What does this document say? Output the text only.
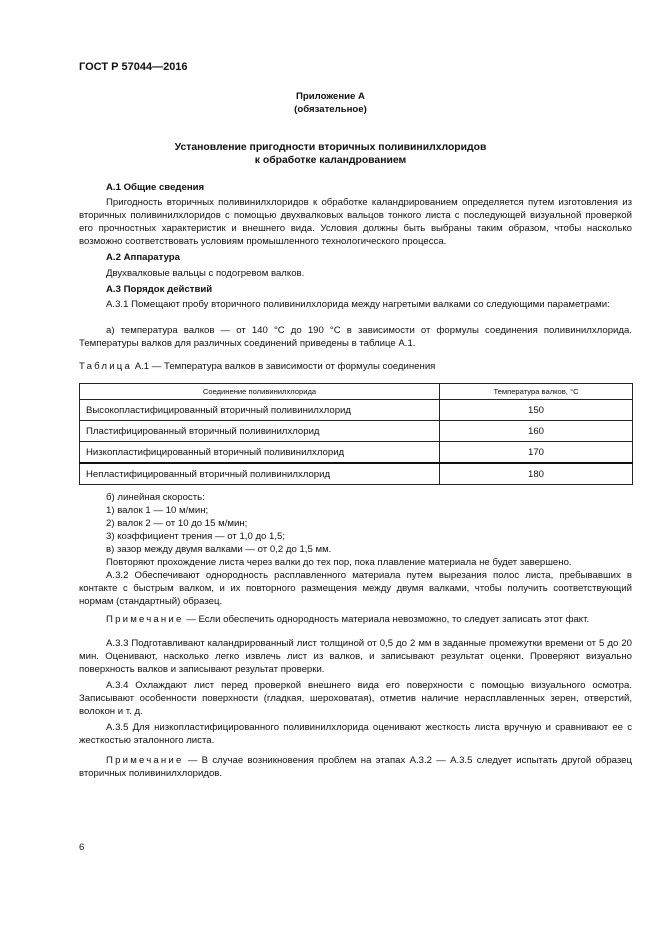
ГОСТ Р 57044—2016
Приложение А
(обязательное)
Установление пригодности вторичных поливинилхлоридов
к обработке каландрованием
А.1 Общие сведения
Пригодность вторичных поливинилхлоридов к обработке каландрированием определяется путем изготовления из вторичных поливинилхлоридов с помощью двухвалковых вальцов тонкого листа с последующей визуальной проверкой его прочностных характеристик и внешнего вида. Условия должны быть выбраны таким образом, чтобы насколько возможно соответствовать условиям промышленного технологического процесса.
А.2 Аппаратура
Двухвалковые вальцы с подогревом валков.
А.3 Порядок действий
А.3.1 Помещают пробу вторичного поливинилхлорида между нагретыми валками со следующими параметрами:
а) температура валков — от 140 °С до 190 °С в зависимости от формулы соединения поливинилхлорида. Температуры валков для различных соединений приведены в таблице А.1.
Таблица А.1 — Температура валков в зависимости от формулы соединения
Соединение поливинилхлорида	Температура валков, °С
Высокопластифицированный вторичный поливинилхлорид	150
Пластифицированный вторичный поливинилхлорид	160
Низкопластифицированный вторичный поливинилхлорид	170
Непластифицированный вторичный поливинилхлорид	180
б) линейная скорость:
1) валок 1 — 10 м/мин;
2) валок 2 — от 10 до 15 м/мин;
3) коэффициент трения — от 1,0 до 1,5;
в) зазор между двумя валками — от 0,2 до 1,5 мм.
Повторяют прохождение листа через валки до тех пор, пока плавление материала не будет завершено.
А.3.2 Обеспечивают однородность расплавленного материала путем вырезания полос листа, пребывавших в контакте с быстрым валком, и их повторного размещения между двумя валками, чтобы получить соответствующий нормам (стандартный) образец.
Примечание — Если обеспечить однородность материала невозможно, то следует записать этот факт.
А.3.3 Подготавливают каландрированный лист толщиной от 0,5 до 2 мм в заданные промежутки времени от 5 до 20 мин. Оценивают, насколько легко извлечь лист из валков, и записывают результат оценки. Проверяют визуально поверхность валков и записывают результат проверки.
А.3.4 Охлаждают лист перед проверкой внешнего вида его поверхности с помощью визуального осмотра. Записывают особенности поверхности (гладкая, шероховатая), отметив наличие нерасплавленных зерен, отверстий, волокон и т. д.
А.3.5 Для низкопластифицированного поливинилхлорида оценивают жесткость листа вручную и сравнивают ее с жесткостью эталонного листа.
Примечание — В случае возникновения проблем на этапах А.3.2 — А.3.5 следует испытать другой образец вторичных поливинилхлоридов.
6
